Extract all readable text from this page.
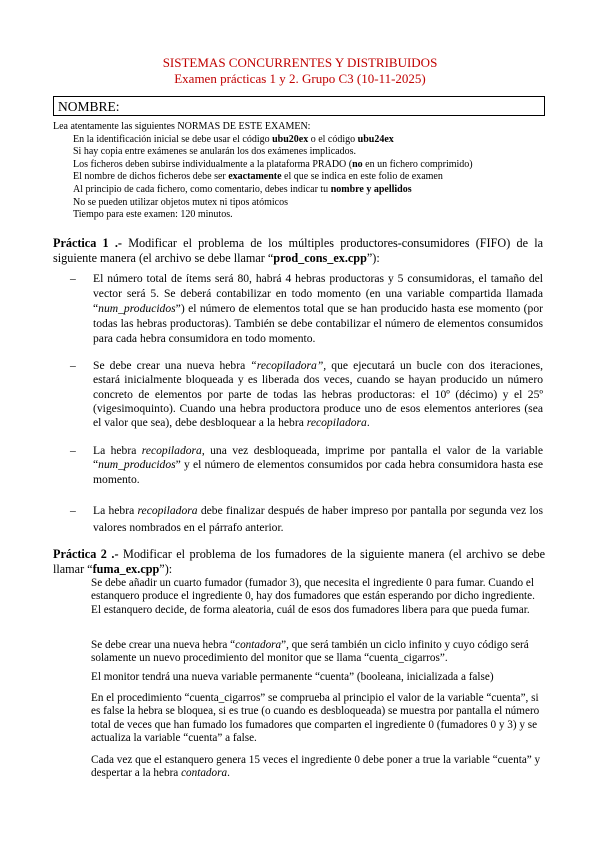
SISTEMAS CONCURRENTES Y DISTRIBUIDOS
Examen prácticas 1 y 2. Grupo C3 (10-11-2025)
NOMBRE:
Lea atentamente las siguientes NORMAS DE ESTE EXAMEN:
En la identificación inicial se debe usar el código ubu20ex o el código ubu24ex
Si hay copia entre exámenes se anularán los dos exámenes implicados.
Los ficheros deben subirse individualmente a la plataforma PRADO (no en un fichero comprimido)
El nombre de dichos ficheros debe ser exactamente el que se indica en este folio de examen
Al principio de cada fichero, como comentario, debes indicar tu nombre y apellidos
No se pueden utilizar objetos mutex ni tipos atómicos
Tiempo para este examen: 120 minutos.
Práctica 1 .- Modificar el problema de los múltiples productores-consumidores (FIFO) de la siguiente manera (el archivo se debe llamar “prod_cons_ex.cpp”):
– El número total de ítems será 80, habrá 4 hebras productoras y 5 consumidoras, el tamaño del vector será 5. Se deberá contabilizar en todo momento (en una variable compartida llamada “num_producidos”) el número de elementos total que se han producido hasta ese momento (por todas las hebras productoras). También se debe contabilizar el número de elementos consumidos para cada hebra consumidora en todo momento.
– Se debe crear una nueva hebra “recopiladora”, que ejecutará un bucle con dos iteraciones, estará inicialmente bloqueada y es liberada dos veces, cuando se hayan producido un número concreto de elementos por parte de todas las hebras productoras: el 10º (décimo) y el 25º (vigesimoquinto). Cuando una hebra productora produce uno de esos elementos anteriores (sea el valor que sea), debe desbloquear a la hebra recopiladora.
– La hebra recopiladora, una vez desbloqueada, imprime por pantalla el valor de la variable “num_producidos” y el número de elementos consumidos por cada hebra consumidora hasta ese momento.
– La hebra recopiladora debe finalizar después de haber impreso por pantalla por segunda vez los valores nombrados en el párrafo anterior.
Práctica 2 .- Modificar el problema de los fumadores de la siguiente manera (el archivo se debe llamar “fuma_ex.cpp”):
Se debe añadir un cuarto fumador (fumador 3), que necesita el ingrediente 0 para fumar. Cuando el estanquero produce el ingrediente 0, hay dos fumadores que están esperando por dicho ingrediente. El estanquero decide, de forma aleatoria, cuál de esos dos fumadores libera para que pueda fumar.
Se debe crear una nueva hebra “contadora”, que será también un ciclo infinito y cuyo código será solamente un nuevo procedimiento del monitor que se llama “cuenta_cigarros”.
El monitor tendrá una nueva variable permanente “cuenta” (booleana, inicializada a false)
En el procedimiento “cuenta_cigarros” se comprueba al principio el valor de la variable “cuenta”, si es false la hebra se bloquea, si es true (o cuando es desbloqueada) se muestra por pantalla el número total de veces que han fumado los fumadores que comparten el ingrediente 0 (fumadores 0 y 3) y se actualiza la variable “cuenta” a false.
Cada vez que el estanquero genera 15 veces el ingrediente 0 debe poner a true la variable “cuenta” y despertar a la hebra contadora.
